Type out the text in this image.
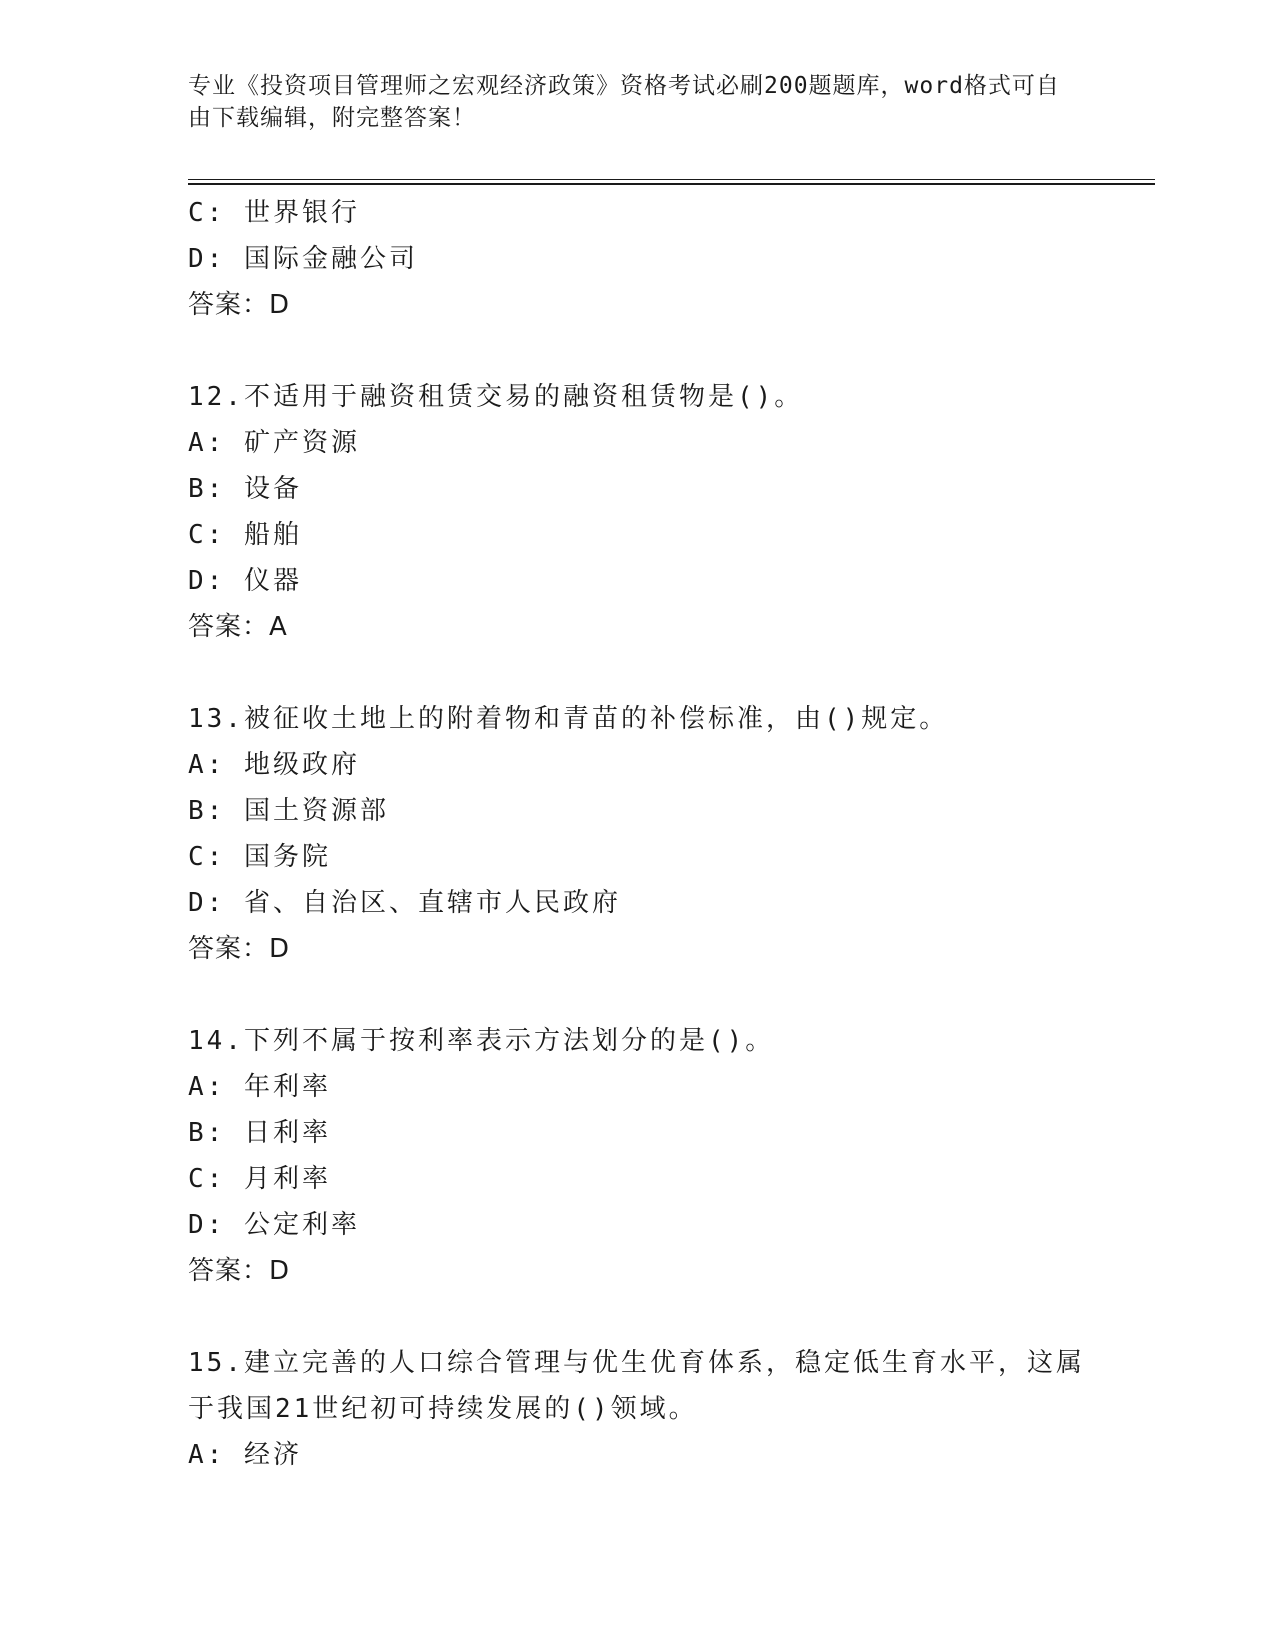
专业《投资项目管理师之宏观经济政策》资格考试必刷200题题库，word格式可自由下载编辑，附完整答案！
C: 世界银行
D: 国际金融公司
答案：D
12.不适用于融资租赁交易的融资租赁物是()。
A: 矿产资源
B: 设备
C: 船舶
D: 仪器
答案：A
13.被征收土地上的附着物和青苗的补偿标准，由()规定。
A: 地级政府
B: 国土资源部
C: 国务院
D: 省、自治区、直辖市人民政府
答案：D
14.下列不属于按利率表示方法划分的是()。
A: 年利率
B: 日利率
C: 月利率
D: 公定利率
答案：D
15.建立完善的人口综合管理与优生优育体系，稳定低生育水平，这属
于我国21世纪初可持续发展的()领域。
A: 经济
